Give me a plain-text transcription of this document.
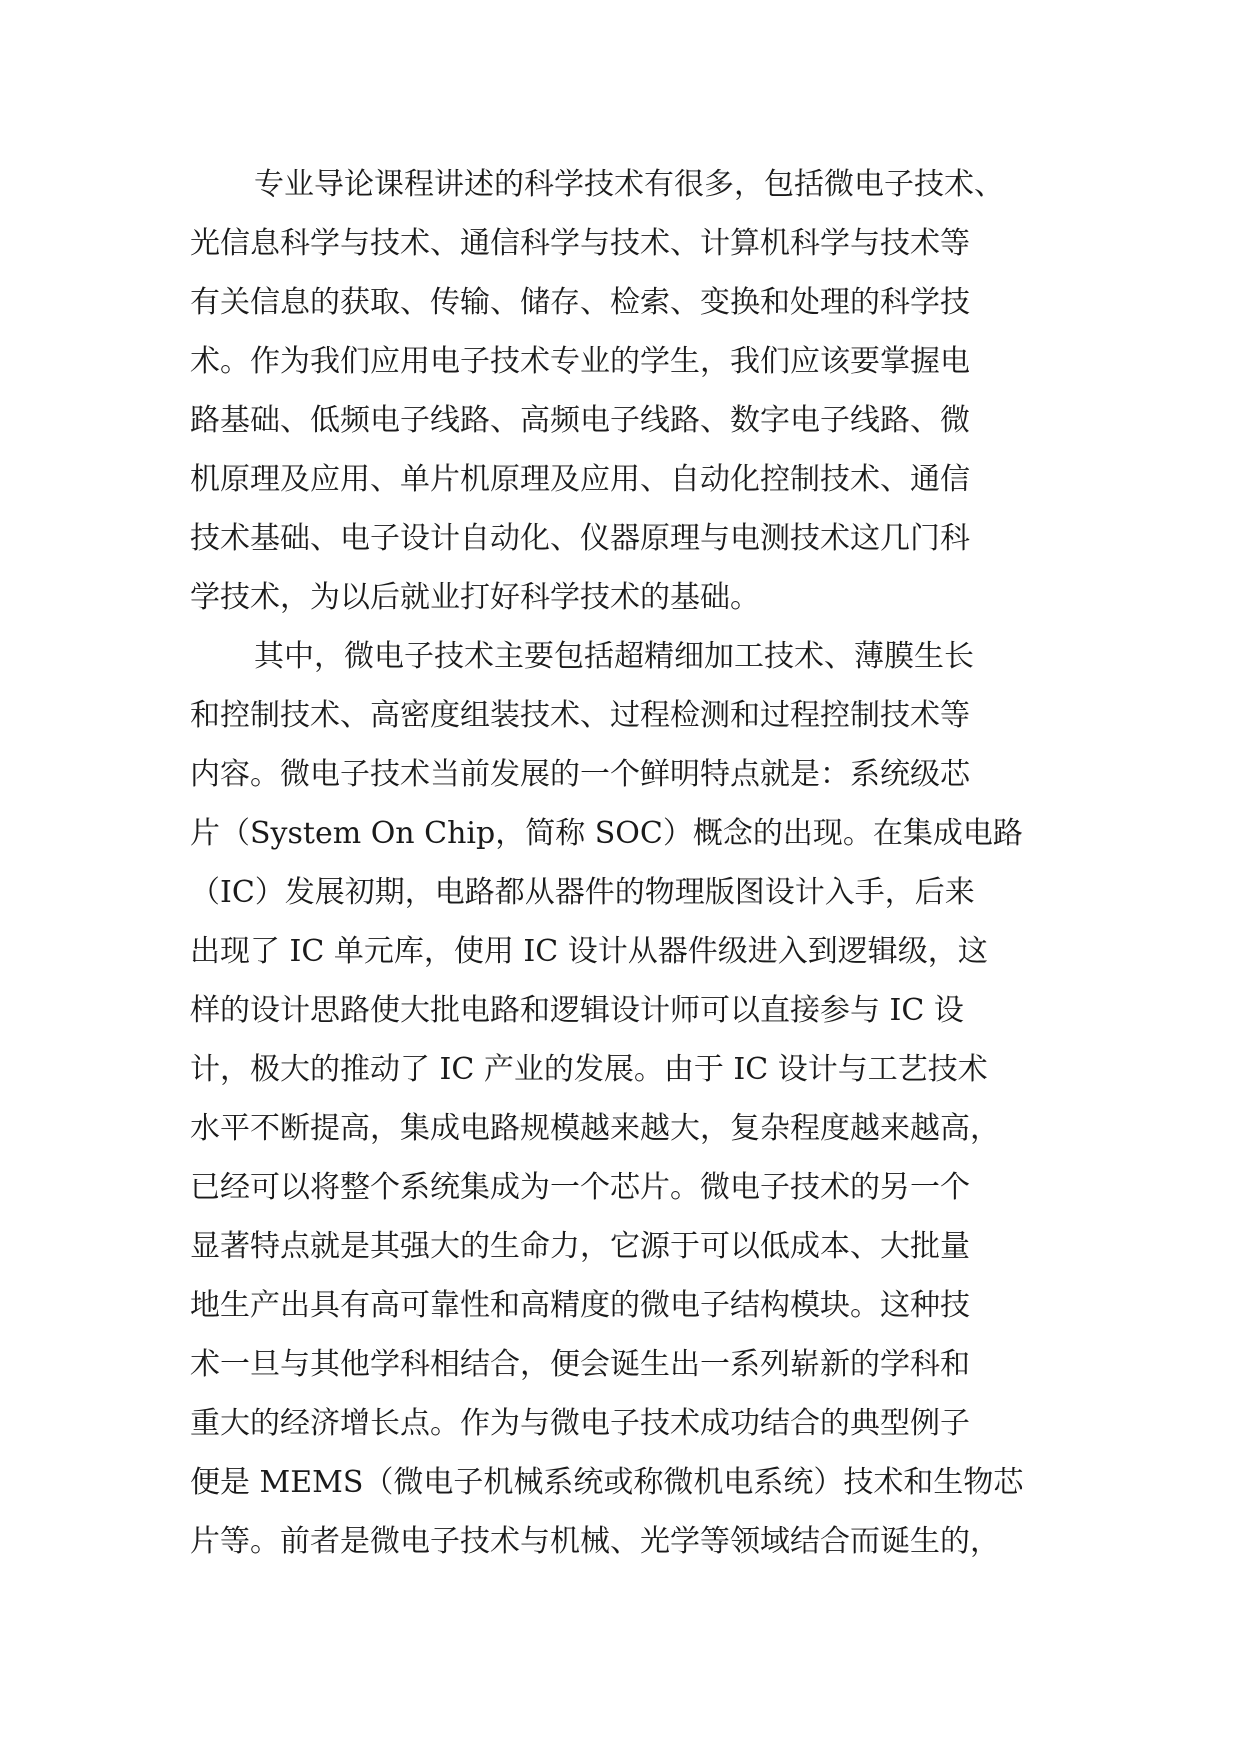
专业导论课程讲述的科学技术有很多，包括微电子技术、
光信息科学与技术、通信科学与技术、计算机科学与技术等
有关信息的获取、传输、储存、检索、变换和处理的科学技
术。作为我们应用电子技术专业的学生，我们应该要掌握电
路基础、低频电子线路、高频电子线路、数字电子线路、微
机原理及应用、单片机原理及应用、自动化控制技术、通信
技术基础、电子设计自动化、仪器原理与电测技术这几门科
学技术，为以后就业打好科学技术的基础。
其中，微电子技术主要包括超精细加工技术、薄膜生长
和控制技术、高密度组装技术、过程检测和过程控制技术等
内容。微电子技术当前发展的一个鲜明特点就是：系统级芯
片（System On Chip，简称 SOC）概念的出现。在集成电路
（IC）发展初期，电路都从器件的物理版图设计入手，后来
出现了 IC 单元库，使用 IC 设计从器件级进入到逻辑级，这
样的设计思路使大批电路和逻辑设计师可以直接参与 IC 设
计，极大的推动了 IC 产业的发展。由于 IC 设计与工艺技术
水平不断提高，集成电路规模越来越大，复杂程度越来越高，
已经可以将整个系统集成为一个芯片。微电子技术的另一个
显著特点就是其强大的生命力，它源于可以低成本、大批量
地生产出具有高可靠性和高精度的微电子结构模块。这种技
术一旦与其他学科相结合，便会诞生出一系列崭新的学科和
重大的经济增长点。作为与微电子技术成功结合的典型例子
便是 MEMS（微电子机械系统或称微机电系统）技术和生物芯
片等。前者是微电子技术与机械、光学等领域结合而诞生的，
